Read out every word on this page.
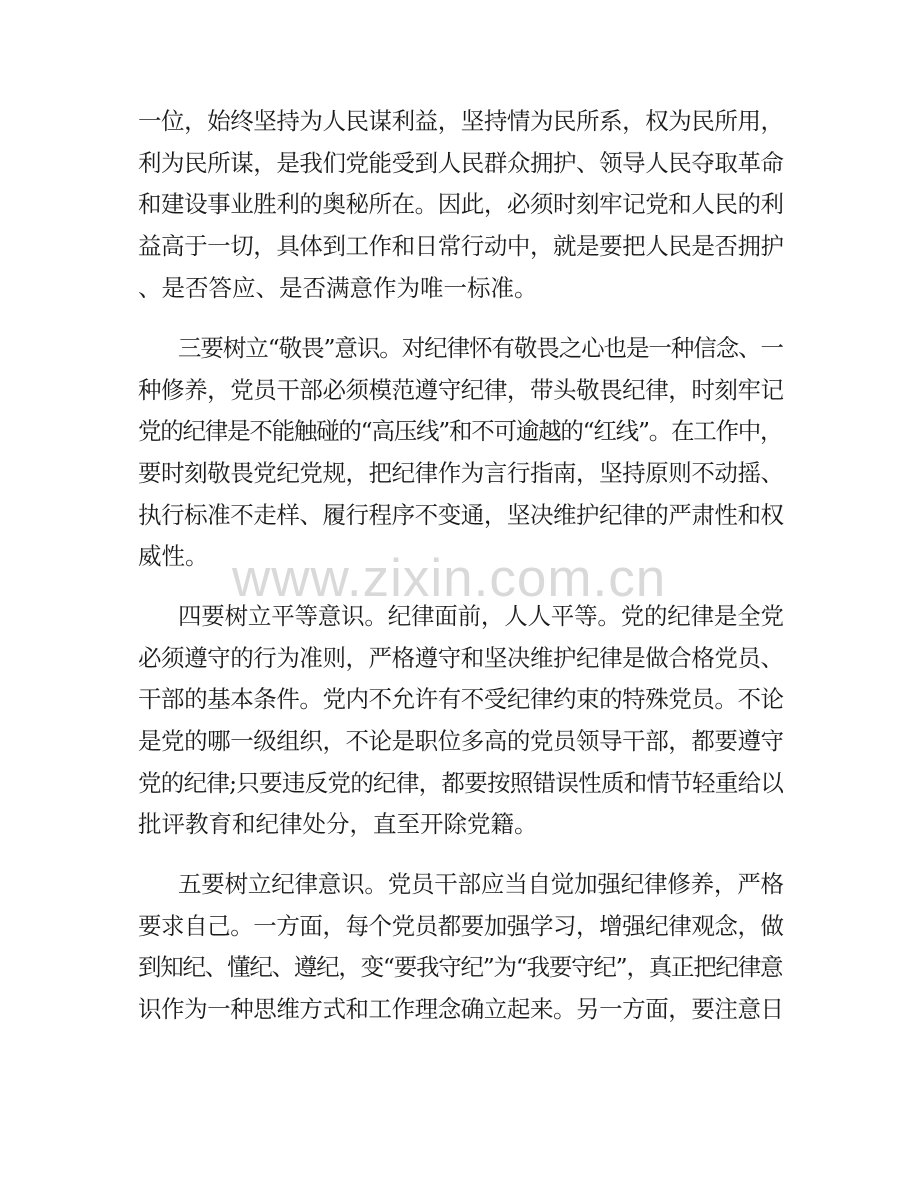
一位，始终坚持为人民谋利益，坚持情为民所系，权为民所用，
利为民所谋，是我们党能受到人民群众拥护、领导人民夺取革命
和建设事业胜利的奥秘所在。因此，必须时刻牢记党和人民的利
益高于一切，具体到工作和日常行动中，就是要把人民是否拥护
、是否答应、是否满意作为唯一标准。
三要树立“敬畏”意识。对纪律怀有敬畏之心也是一种信念、一
种修养，党员干部必须模范遵守纪律，带头敬畏纪律，时刻牢记
党的纪律是不能触碰的“高压线”和不可逾越的“红线”。在工作中，
要时刻敬畏党纪党规，把纪律作为言行指南，坚持原则不动摇、
执行标准不走样、履行程序不变通，坚决维护纪律的严肃性和权
威性。
四要树立平等意识。纪律面前，人人平等。党的纪律是全党
必须遵守的行为准则，严格遵守和坚决维护纪律是做合格党员、
干部的基本条件。党内不允许有不受纪律约束的特殊党员。不论
是党的哪一级组织，不论是职位多高的党员领导干部，都要遵守
党的纪律;只要违反党的纪律，都要按照错误性质和情节轻重给以
批评教育和纪律处分，直至开除党籍。
五要树立纪律意识。党员干部应当自觉加强纪律修养，严格
要求自己。一方面，每个党员都要加强学习，增强纪律观念，做
到知纪、懂纪、遵纪，变“要我守纪”为“我要守纪”，真正把纪律意
识作为一种思维方式和工作理念确立起来。另一方面，要注意日
www.zixin.com.cn
